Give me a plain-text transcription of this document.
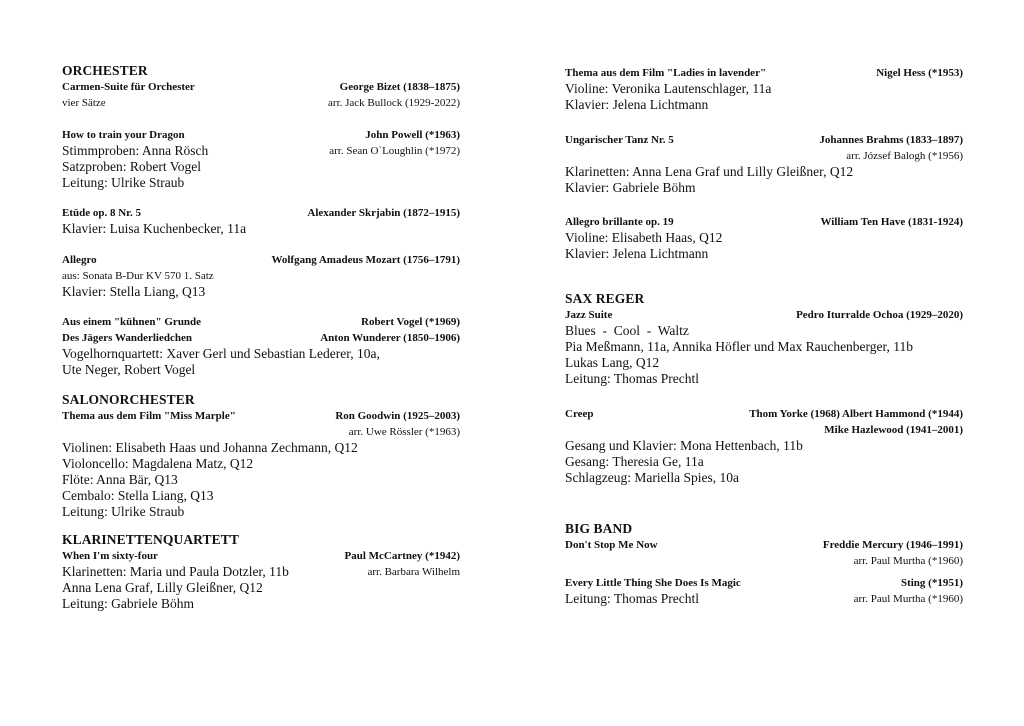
ORCHESTER
Carmen-Suite für Orchester	George Bizet (1838–1875)
vier Sätze	arr. Jack Bullock (1929-2022)
How to train your Dragon	John Powell (*1963)
Stimmproben: Anna Rösch	arr. Sean O`Loughlin (*1972)
Satzproben: Robert Vogel
Leitung: Ulrike Straub
Etüde op. 8 Nr. 5	Alexander Skrjabin (1872–1915)
Klavier: Luisa Kuchenbecker, 11a
Allegro	Wolfgang Amadeus Mozart (1756–1791)
aus: Sonata B-Dur KV 570 1. Satz
Klavier: Stella Liang, Q13
Aus einem "kühnen" Grunde	Robert Vogel (*1969)
Des Jägers Wanderliedchen	Anton Wunderer (1850–1906)
Vogelhornquartett: Xaver Gerl und Sebastian Lederer, 10a,
Ute Neger, Robert Vogel
SALONORCHESTER
Thema aus dem Film "Miss Marple"	Ron Goodwin (1925–2003)
arr. Uwe Rössler (*1963)
Violinen: Elisabeth Haas und Johanna Zechmann, Q12
Violoncello: Magdalena Matz, Q12
Flöte: Anna Bär, Q13
Cembalo: Stella Liang, Q13
Leitung: Ulrike Straub
KLARINETTENQUARTETT
When I'm sixty-four	Paul McCartney (*1942)
Klarinetten: Maria und Paula Dotzler, 11b	arr. Barbara Wilhelm
Anna Lena Graf, Lilly Gleißner, Q12
Leitung: Gabriele Böhm
Thema aus dem Film "Ladies in lavender"	Nigel Hess (*1953)
Violine: Veronika Lautenschlager, 11a
Klavier: Jelena Lichtmann
Ungarischer Tanz Nr. 5	Johannes Brahms (1833–1897)
arr. József Balogh (*1956)
Klarinetten: Anna Lena Graf und Lilly Gleißner, Q12
Klavier: Gabriele Böhm
Allegro brillante op. 19	William Ten Have (1831-1924)
Violine: Elisabeth Haas, Q12
Klavier: Jelena Lichtmann
SAX REGER
Jazz Suite	Pedro Iturralde Ochoa (1929–2020)
Blues  -  Cool  -  Waltz
Pia Meßmann, 11a, Annika Höfler und Max Rauchenberger, 11b
Lukas Lang, Q12
Leitung: Thomas Prechtl
Creep	Thom Yorke (1968) Albert Hammond (*1944)
Mike Hazlewood (1941–2001)
Gesang und Klavier: Mona Hettenbach, 11b
Gesang: Theresia Ge, 11a
Schlagzeug: Mariella Spies, 10a
BIG BAND
Don't Stop Me Now	Freddie Mercury (1946–1991)
arr. Paul Murtha (*1960)
Every Little Thing She Does Is Magic	Sting (*1951)
Leitung: Thomas Prechtl	arr. Paul Murtha (*1960)
